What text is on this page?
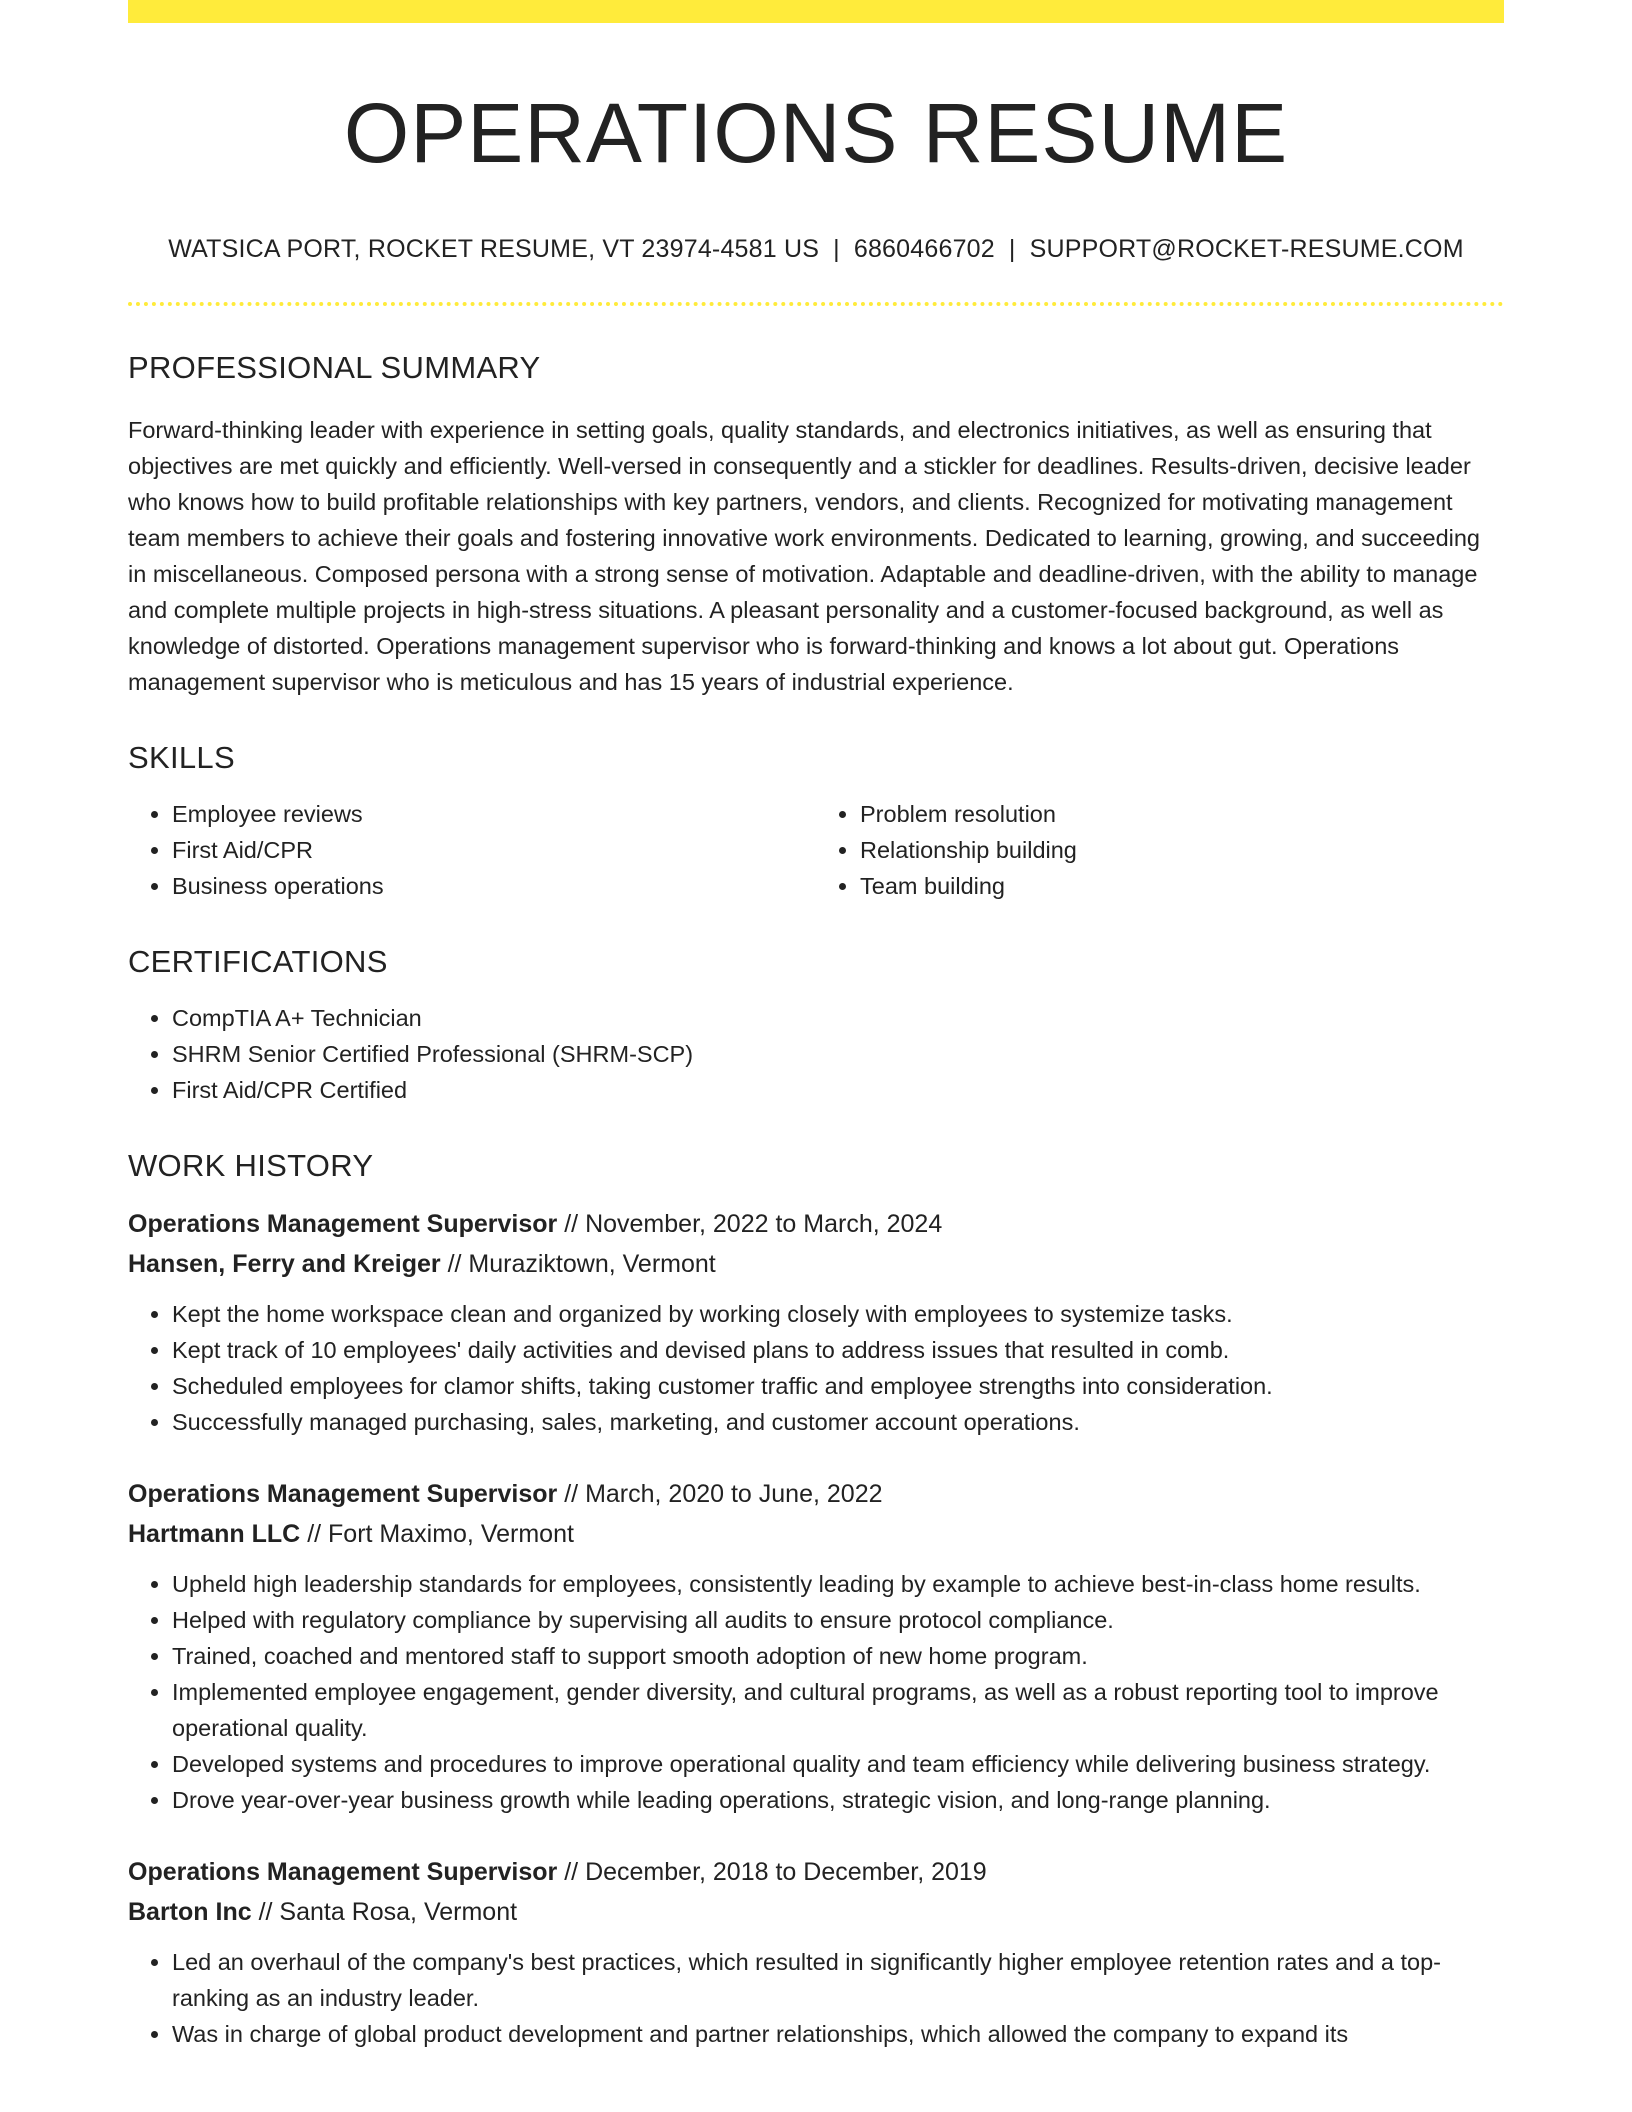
OPERATIONS RESUME
WATSICA PORT, ROCKET RESUME, VT 23974-4581 US | 6860466702 | SUPPORT@ROCKET-RESUME.COM
PROFESSIONAL SUMMARY

Forward-thinking leader with experience in setting goals, quality standards, and electronics initiatives, as well as ensuring that objectives are met quickly and efficiently. Well-versed in consequently and a stickler for deadlines. Results-driven, decisive leader who knows how to build profitable relationships with key partners, vendors, and clients. Recognized for motivating management team members to achieve their goals and fostering innovative work environments. Dedicated to learning, growing, and succeeding in miscellaneous. Composed persona with a strong sense of motivation. Adaptable and deadline-driven, with the ability to manage and complete multiple projects in high-stress situations. A pleasant personality and a customer-focused background, as well as knowledge of distorted. Operations management supervisor who is forward-thinking and knows a lot about gut. Operations management supervisor who is meticulous and has 15 years of industrial experience.

SKILLS
• Employee reviews
• First Aid/CPR
• Business operations
• Problem resolution
• Relationship building
• Team building
CERTIFICATIONS
• CompTIA A+ Technician
• SHRM Senior Certified Professional (SHRM-SCP)
• First Aid/CPR Certified
WORK HISTORY
Operations Management Supervisor // November, 2022 to March, 2024
Hansen, Ferry and Kreiger // Muraziktown, Vermont
• Kept the home workspace clean and organized by working closely with employees to systemize tasks.
• Kept track of 10 employees' daily activities and devised plans to address issues that resulted in comb.
• Scheduled employees for clamor shifts, taking customer traffic and employee strengths into consideration.
• Successfully managed purchasing, sales, marketing, and customer account operations.
Operations Management Supervisor // March, 2020 to June, 2022
Hartmann LLC // Fort Maximo, Vermont
• Upheld high leadership standards for employees, consistently leading by example to achieve best-in-class home results.
• Helped with regulatory compliance by supervising all audits to ensure protocol compliance.
• Trained, coached and mentored staff to support smooth adoption of new home program.
• Implemented employee engagement, gender diversity, and cultural programs, as well as a robust reporting tool to improve operational quality.
• Developed systems and procedures to improve operational quality and team efficiency while delivering business strategy.
• Drove year-over-year business growth while leading operations, strategic vision, and long-range planning.
Operations Management Supervisor // December, 2018 to December, 2019
Barton Inc // Santa Rosa, Vermont
• Led an overhaul of the company's best practices, which resulted in significantly higher employee retention rates and a top-ranking as an industry leader.
• Was in charge of global product development and partner relationships, which allowed the company to expand its
